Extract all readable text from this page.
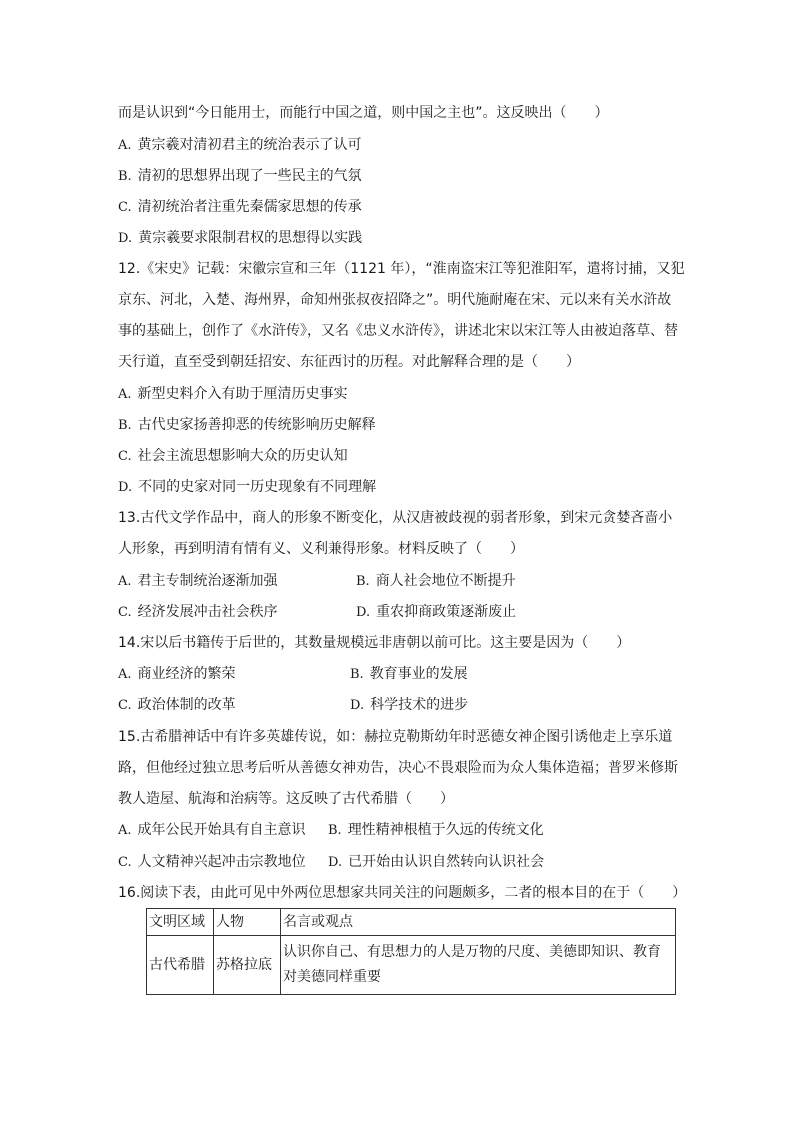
而是认识到“今日能用士，而能行中国之道，则中国之主也”。这反映出（　　）
A. 黄宗羲对清初君主的统治表示了认可
B. 清初的思想界出现了一些民主的气氛
C. 清初统治者注重先秦儒家思想的传承
D. 黄宗羲要求限制君权的思想得以实践
12.《宋史》记载：宋徽宗宣和三年（1121 年），“淮南盗宋江等犯淮阳军，遣将讨捕，又犯
京东、河北，入楚、海州界，命知州张叔夜招降之”。明代施耐庵在宋、元以来有关水浒故
事的基础上，创作了《水浒传》，又名《忠义水浒传》，讲述北宋以宋江等人由被迫落草、替
天行道，直至受到朝廷招安、东征西讨的历程。对此解释合理的是（　　）
A. 新型史料介入有助于厘清历史事实
B. 古代史家扬善抑恶的传统影响历史解释
C. 社会主流思想影响大众的历史认知
D. 不同的史家对同一历史现象有不同理解
13.古代文学作品中，商人的形象不断变化，从汉唐被歧视的弱者形象，到宋元贪婪吝啬小
人形象，再到明清有情有义、义利兼得形象。材料反映了（　　）
A. 君主专制统治逐渐加强	B. 商人社会地位不断提升
C. 经济发展冲击社会秩序	D. 重农抑商政策逐渐废止
14.宋以后书籍传于后世的，其数量规模远非唐朝以前可比。这主要是因为（　　）
A. 商业经济的繁荣	B. 教育事业的发展
C. 政治体制的改革	D. 科学技术的进步
15.古希腊神话中有许多英雄传说，如：赫拉克勒斯幼年时恶德女神企图引诱他走上享乐道
路，但他经过独立思考后听从善德女神劝告，决心不畏艰险而为众人集体造福；普罗米修斯
教人造屋、航海和治病等。这反映了古代希腊（　　）
A. 成年公民开始具有自主意识 B. 理性精神根植于久远的传统文化
C. 人文精神兴起冲击宗教地位 D. 已开始由认识自然转向认识社会
16.阅读下表，由此可见中外两位思想家共同关注的问题颇多，二者的根本目的在于（　　）
文明区域	人物	名言或观点
古代希腊	苏格拉底	认识你自己、有思想力的人是万物的尺度、美德即知识、教育对美德同样重要
